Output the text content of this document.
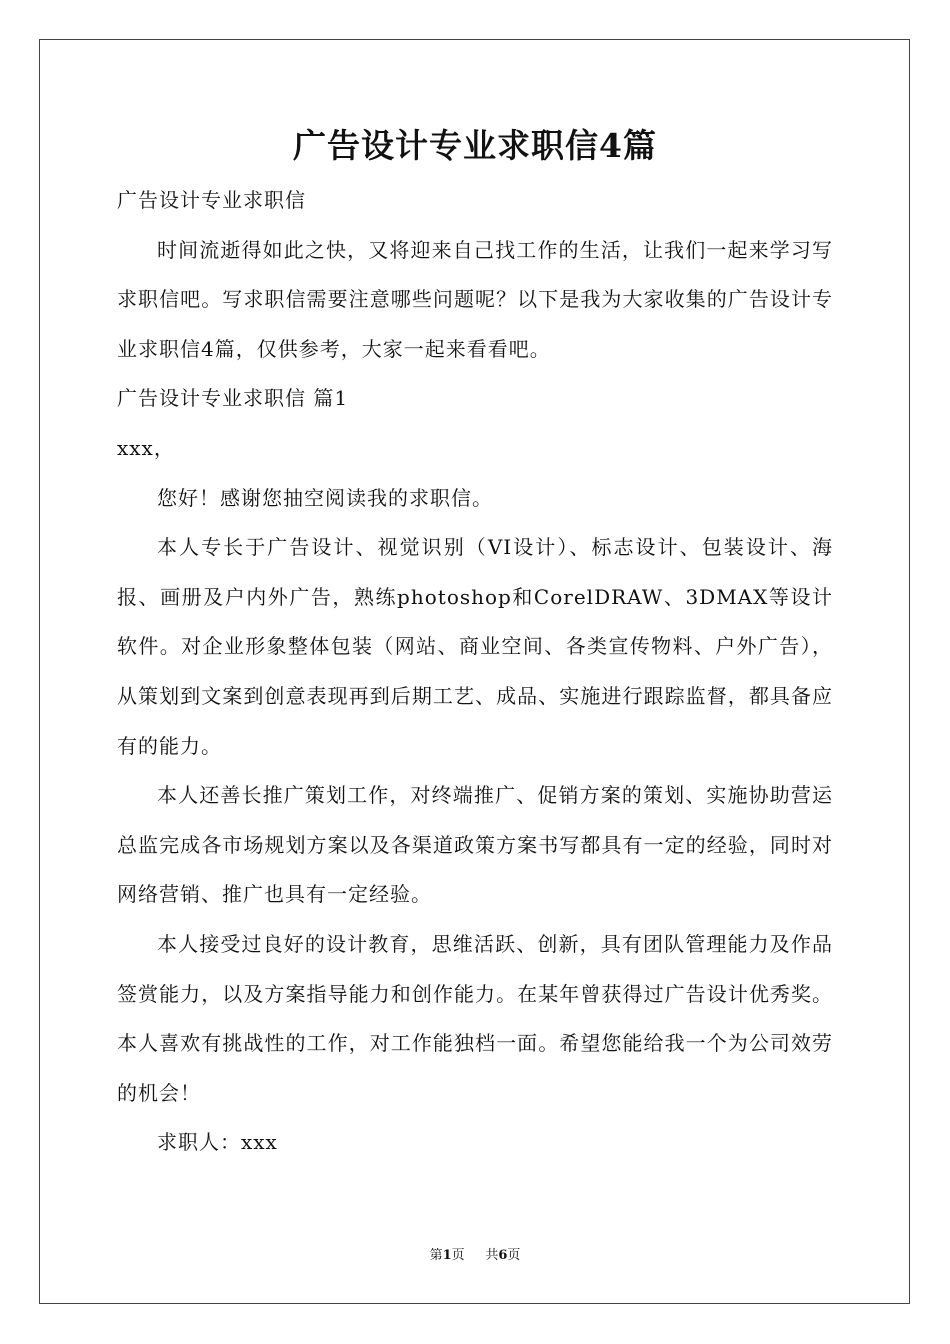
广告设计专业求职信4篇

广告设计专业求职信

时间流逝得如此之快，又将迎来自己找工作的生活，让我们一起来学习写求职信吧。写求职信需要注意哪些问题呢？以下是我为大家收集的广告设计专业求职信4篇，仅供参考，大家一起来看看吧。

广告设计专业求职信 篇1

xxx，

您好！感谢您抽空阅读我的求职信。

本人专长于广告设计、视觉识别（VI设计）、标志设计、包装设计、海报、画册及户内外广告，熟练photoshop和CorelDRAW、3DMAX等设计软件。对企业形象整体包装（网站、商业空间、各类宣传物料、户外广告），从策划到文案到创意表现再到后期工艺、成品、实施进行跟踪监督，都具备应有的能力。

本人还善长推广策划工作，对终端推广、促销方案的策划、实施协助营运总监完成各市场规划方案以及各渠道政策方案书写都具有一定的经验，同时对网络营销、推广也具有一定经验。

本人接受过良好的设计教育，思维活跃、创新，具有团队管理能力及作品签赏能力，以及方案指导能力和创作能力。在某年曾获得过广告设计优秀奖。本人喜欢有挑战性的工作，对工作能独档一面。希望您能给我一个为公司效劳的机会！

求职人：xxx

第1页 共6页
